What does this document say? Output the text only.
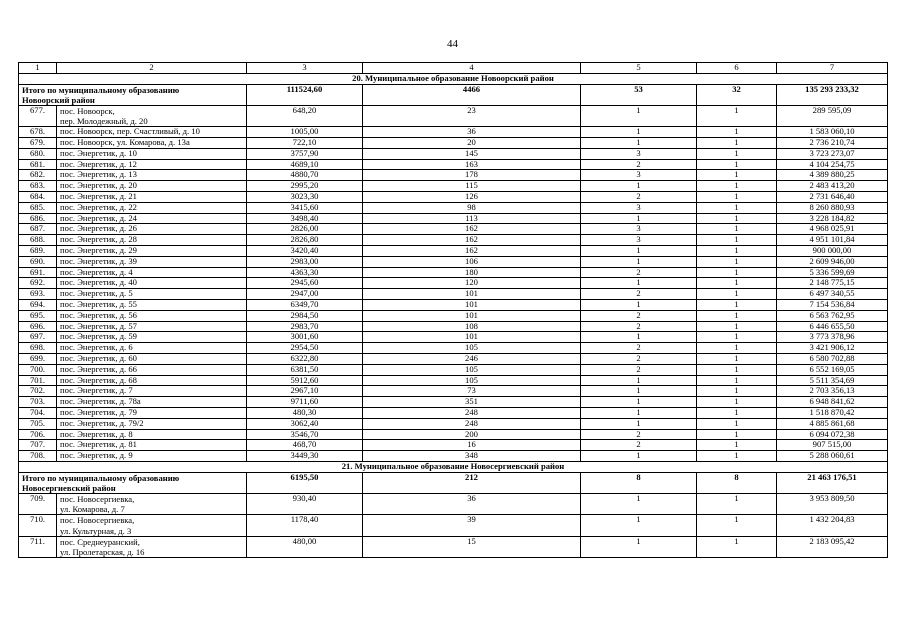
44
1	2	3	4	5	6	7
20. Муниципальное образование Новоорский район						

Итого по муниципальному образованию
Новоорский район		111524,60	4466	53	32	135 293 233,32
677.	пос. Новоорск,
пер. Молодежный, д. 20	648,20	23	1	1	289 595,09
678.	пос. Новоорск, пер. Счастливый, д. 10	1005,00	36	1	1	1 583 060,10
679.	пос. Новоорск, ул. Комарова, д. 13а	722,10	20	1	1	2 736 210,74
680.	пос. Энергетик, д. 10	3757,90	145	3	1	3 723 273,07
681.	пос. Энергетик, д. 12	4689,10	163	2	1	4 104 254,75
682.	пос. Энергетик, д. 13	4880,70	178	3	1	4 389 880,25
683.	пос. Энергетик, д. 20	2995,20	115	1	1	2 483 413,20
684.	пос. Энергетик, д. 21	3023,30	126	2	1	2 731 646,40
685.	пос. Энергетик, д. 22	3415,60	98	3	1	8 260 880,93
686.	пос. Энергетик, д. 24	3498,40	113	1	1	3 228 184,82
687.	пос. Энергетик, д. 26	2826,00	162	3	1	4 968 025,91
688.	пос. Энергетик, д. 28	2826,80	162	3	1	4 951 101,84
689.	пос. Энергетик, д. 29	3420,40	162	1	1	900 000,00
690.	пос. Энергетик, д. 39	2983,00	106	1	1	2 609 946,00
691.	пос. Энергетик, д. 4	4363,30	180	2	1	5 336 599,69
692.	пос. Энергетик, д. 40	2945,60	120	1	1	2 148 775,15
693.	пос. Энергетик, д. 5	2947,00	101	2	1	6 497 340,55
694.	пос. Энергетик, д. 55	6349,70	101	1	1	7 154 536,84
695.	пос. Энергетик, д. 56	2984,50	101	2	1	6 563 762,95
696.	пос. Энергетик, д. 57	2983,70	108	2	1	6 446 655,50
697.	пос. Энергетик, д. 59	3001,60	101	1	1	3 773 378,96
698.	пос. Энергетик, д. 6	2954,50	105	2	1	3 421 906,12
699.	пос. Энергетик, д. 60	6322,80	246	2	1	6 580 702,88
700.	пос. Энергетик, д. 66	6381,50	105	2	1	6 552 169,05
701.	пос. Энергетик, д. 68	5912,60	105	1	1	5 511 354,69
702.	пос. Энергетик, д. 7	2967,10	73	1	1	2 703 356,13
703.	пос. Энергетик, д. 78а	9711,60	351	1	1	6 948 841,62
704.	пос. Энергетик, д. 79	480,30	248	1	1	1 518 870,42
705.	пос. Энергетик, д. 79/2	3062,40	248	1	1	4 885 861,68
706.	пос. Энергетик, д. 8	3546,70	200	2	1	6 094 072,38
707.	пос. Энергетик, д. 81	468,70	16	2	1	907 515,00
708.	пос. Энергетик, д. 9	3449,30	348	1	1	5 288 060,61
21. Муниципальное образование Новосергиевский район						

Итого по муниципальному образованию
Новосергиевский район		6195,50	212	8	8	21 463 176,51
709.	пос. Новосергиевка,
ул. Комарова, д. 7	930,40	36	1	1	3 953 809,50
710.	пос. Новосергиевка,
ул. Культурная, д. 3	1178,40	39	1	1	1 432 204,83
711.	пос. Среднеуранский,
ул. Пролетарская, д. 16	480,00	15	1	1	2 183 095,42
